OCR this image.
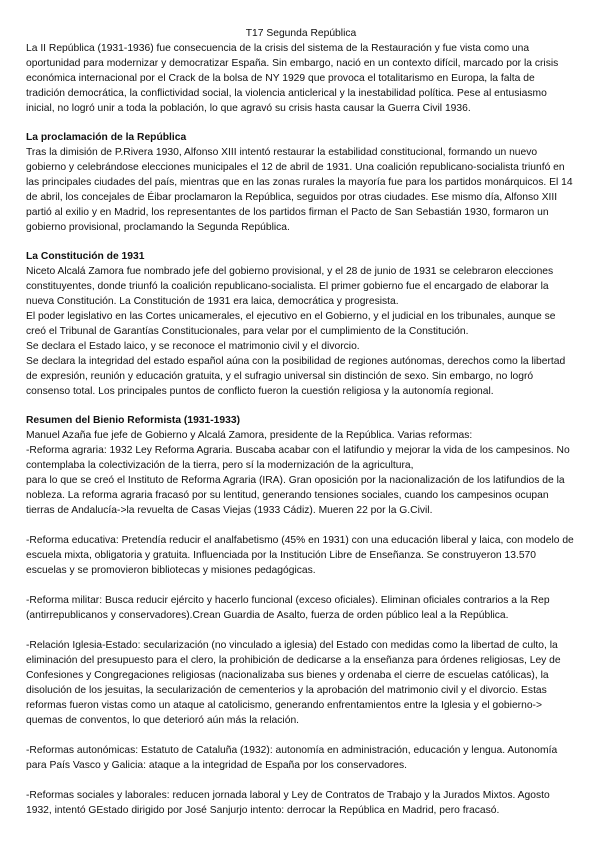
T17 Segunda República

La II República (1931-1936) fue consecuencia de la crisis del sistema de la Restauración y fue vista como una oportunidad para modernizar y democratizar España. Sin embargo, nació en un contexto difícil, marcado por la crisis económica internacional por el Crack de la bolsa de NY 1929 que provoca el totalitarismo en Europa, la falta de tradición democrática, la conflictividad social, la violencia anticlerical y la inestabilidad política. Pese al entusiasmo inicial, no logró unir a toda la población, lo que agravó su crisis hasta causar la Guerra Civil 1936.

La proclamación de la República

Tras la dimisión de P.Rivera 1930, Alfonso XIII intentó restaurar la estabilidad constitucional, formando un nuevo gobierno y celebrándose elecciones municipales el 12 de abril de 1931. Una coalición republicano-socialista triunfó en las principales ciudades del país, mientras que en las zonas rurales la mayoría fue para los partidos monárquicos. El 14 de abril, los concejales de Éibar proclamaron la República, seguidos por otras ciudades. Ese mismo día, Alfonso XIII partió al exilio y en Madrid, los representantes de los partidos firman el Pacto de San Sebastián 1930, formaron un gobierno provisional, proclamando la Segunda República.

La Constitución de 1931

Niceto Alcalá Zamora fue nombrado jefe del gobierno provisional, y el 28 de junio de 1931 se celebraron elecciones constituyentes, donde triunfó la coalición republicano-socialista. El primer gobierno fue el encargado de elaborar la nueva Constitución. La Constitución de 1931 era laica, democrática y progresista.

El poder legislativo en las Cortes unicamerales, el ejecutivo en el Gobierno, y el judicial en los tribunales, aunque se creó el Tribunal de Garantías Constitucionales, para velar por el cumplimiento de la Constitución.

Se declara el Estado laico, y se reconoce el matrimonio civil y el divorcio.

Se declara la integridad del estado español aúna con la posibilidad de regiones autónomas, derechos como la libertad de expresión, reunión y educación gratuita, y el sufragio universal sin distinción de sexo. Sin embargo, no logró consenso total. Los principales puntos de conflicto fueron la cuestión religiosa y la autonomía regional.

Resumen del Bienio Reformista (1931-1933)

Manuel Azaña fue jefe de Gobierno y Alcalá Zamora, presidente de la República. Varias reformas:

-Reforma agraria: 1932 Ley Reforma Agraria. Buscaba acabar con el latifundio y mejorar la vida de los campesinos. No contemplaba la colectivización de la tierra, pero sí la modernización de la agricultura,

para lo que se creó el Instituto de Reforma Agraria (IRA). Gran oposición por la nacionalización de los latifundios de la nobleza. La reforma agraria fracasó por su lentitud, generando tensiones sociales, cuando los campesinos ocupan tierras de Andalucía->la revuelta de Casas Viejas (1933 Cádiz). Mueren 22 por la G.Civil.

-Reforma educativa: Pretendía reducir el analfabetismo (45% en 1931) con una educación liberal y laica, con modelo de escuela mixta, obligatoria y gratuita. Influenciada por la Institución Libre de Enseñanza. Se construyeron 13.570 escuelas y se promovieron bibliotecas y misiones pedagógicas.

-Reforma militar: Busca reducir ejército y hacerlo funcional (exceso oficiales). Eliminan oficiales contrarios a la Rep (antirrepublicanos y conservadores).Crean Guardia de Asalto, fuerza de orden público leal a la República.

-Relación Iglesia-Estado: secularización (no vinculado a iglesia) del Estado con medidas como la libertad de culto, la eliminación del presupuesto para el clero, la prohibición de dedicarse a la enseñanza para órdenes religiosas, Ley de Confesiones y Congregaciones religiosas (nacionalizaba sus bienes y ordenaba el cierre de escuelas católicas), la disolución de los jesuitas, la secularización de cementerios y la aprobación del matrimonio civil y el divorcio. Estas reformas fueron vistas como un ataque al catolicismo, generando enfrentamientos entre la Iglesia y el gobierno-> quemas de conventos, lo que deterioró aún más la relación.

-Reformas autonómicas: Estatuto de Cataluña (1932): autonomía en administración, educación y lengua. Autonomía para País Vasco y Galicia: ataque a la integridad de España por los conservadores.

-Reformas sociales y laborales: reducen jornada laboral y Ley de Contratos de Trabajo y la Jurados Mixtos. Agosto 1932, intentó GEstado dirigido por José Sanjurjo intento: derrocar la República en Madrid, pero fracasó.
